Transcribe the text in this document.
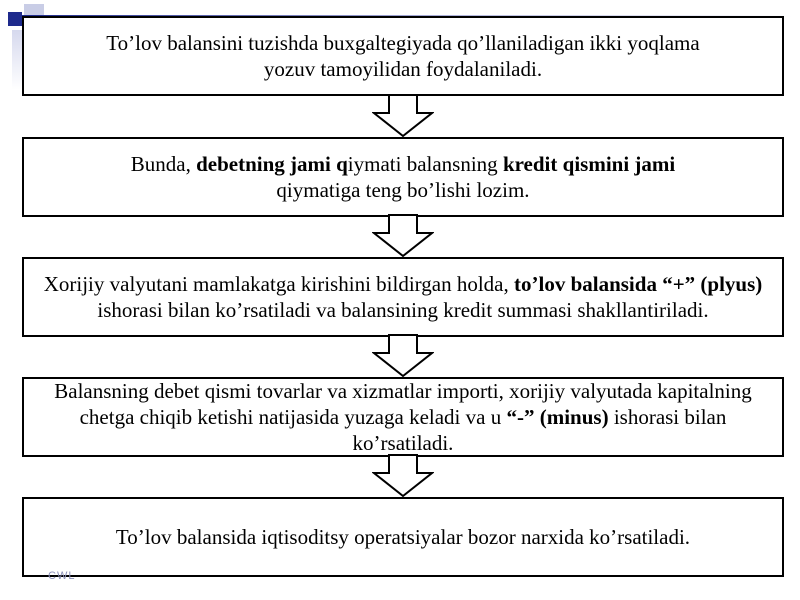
To’lov balansini tuzishda buxgaltegiyada qo’llaniladigan ikki yoqlama
yozuv tamoyilidan foydalaniladi.

Bunda, debetning jami qiymati balansning kredit qismini jami
qiymatiga teng bo’lishi lozim.

Xorijiy valyutani mamlakatga kirishini bildirgan holda, to’lov balansida “+” (plyus) ishorasi bilan ko’rsatiladi va balansining kredit summasi shakllantiriladi.

Balansning debet qismi tovarlar va xizmatlar importi, xorijiy valyutada kapitalning chetga chiqib ketishi natijasida yuzaga keladi va u “-” (minus) ishorasi bilan ko’rsatiladi.

To’lov balansida iqtisoditsy operatsiyalar bozor narxida ko’rsatiladi.

СWL
